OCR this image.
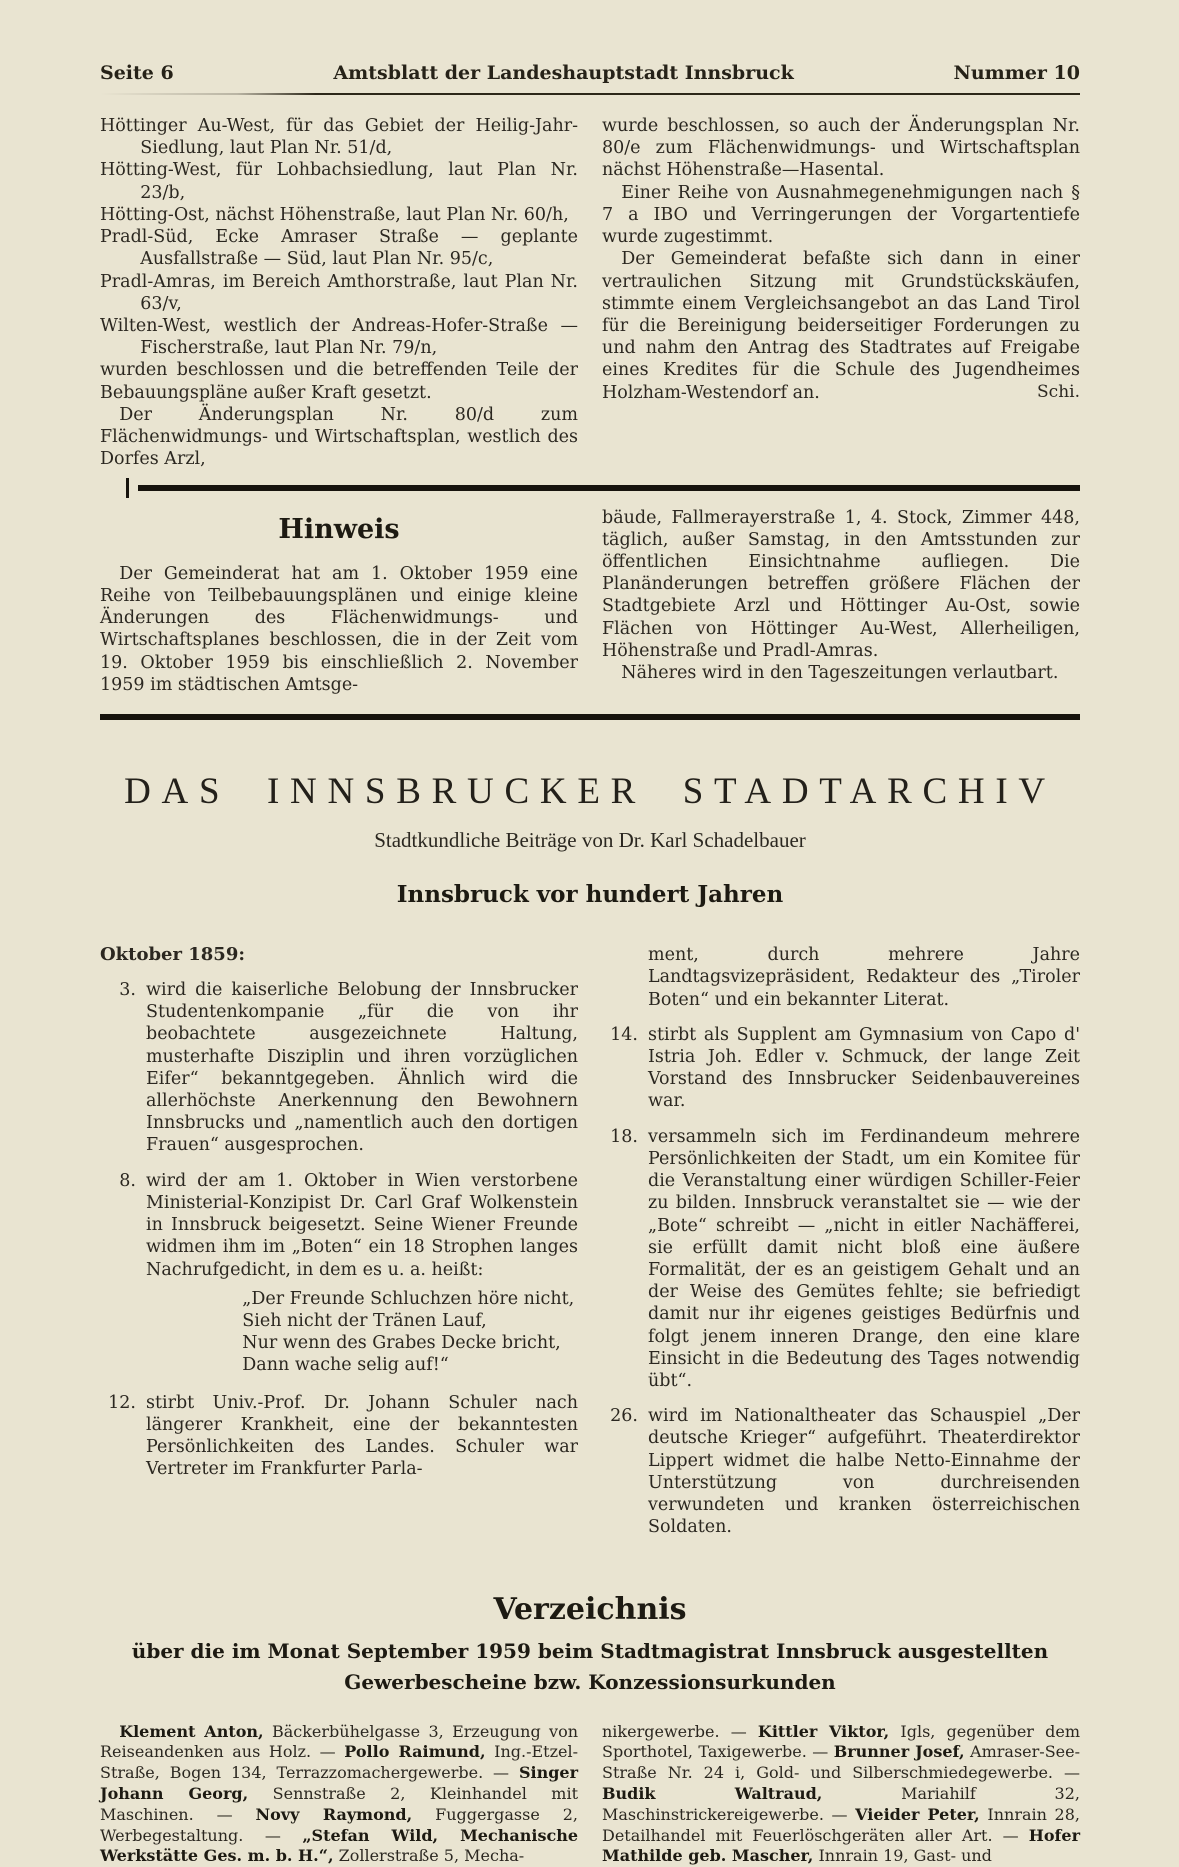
Seite 6	Amtsblatt der Landeshauptstadt Innsbruck	Nummer 10

Höttinger Au-West, für das Gebiet der Heilig-Jahr-Siedlung, laut Plan Nr. 51/d,

Hötting-West, für Lohbachsiedlung, laut Plan Nr. 23/b,

Hötting-Ost, nächst Höhenstraße, laut Plan Nr. 60/h,

Pradl-Süd, Ecke Amraser Straße — geplante Ausfallstraße — Süd, laut Plan Nr. 95/c,

Pradl-Amras, im Bereich Amthorstraße, laut Plan Nr. 63/v,

Wilten-West, westlich der Andreas-Hofer-Straße — Fischerstraße, laut Plan Nr. 79/n,

wurden beschlossen und die betreffenden Teile der Bebauungspläne außer Kraft gesetzt.

Der Änderungsplan Nr. 80/d zum Flächenwidmungs- und Wirtschaftsplan, westlich des Dorfes Arzl,

wurde beschlossen, so auch der Änderungsplan Nr. 80/e zum Flächenwidmungs- und Wirtschaftsplan nächst Höhenstraße—Hasental.

Einer Reihe von Ausnahmegenehmigungen nach § 7 a IBO und Verringerungen der Vorgartentiefe wurde zugestimmt.

Der Gemeinderat befaßte sich dann in einer vertraulichen Sitzung mit Grundstückskäufen, stimmte einem Vergleichsangebot an das Land Tirol für die Bereinigung beiderseitiger Forderungen zu und nahm den Antrag des Stadtrates auf Freigabe eines Kredites für die Schule des Jugendheimes Holzham-Westendorf an.	Schi.

Hinweis

Der Gemeinderat hat am 1. Oktober 1959 eine Reihe von Teilbebauungsplänen und einige kleine Änderungen des Flächenwidmungs- und Wirtschaftsplanes beschlossen, die in der Zeit vom 19. Oktober 1959 bis einschließlich 2. November 1959 im städtischen Amtsge-

bäude, Fallmerayerstraße 1, 4. Stock, Zimmer 448, täglich, außer Samstag, in den Amtsstunden zur öffentlichen Einsichtnahme aufliegen. Die Planänderungen betreffen größere Flächen der Stadtgebiete Arzl und Höttinger Au-Ost, sowie Flächen von Höttinger Au-West, Allerheiligen, Höhenstraße und Pradl-Amras.

Näheres wird in den Tageszeitungen verlautbart.

DAS INNSBRUCKER STADTARCHIV
Stadtkundliche Beiträge von Dr. Karl Schadelbauer
Innsbruck vor hundert Jahren

Oktober 1859:

3. wird die kaiserliche Belobung der Innsbrucker Studentenkompanie „für die von ihr beobachtete ausgezeichnete Haltung, musterhafte Disziplin und ihren vorzüglichen Eifer“ bekanntgegeben. Ähnlich wird die allerhöchste Anerkennung den Bewohnern Innsbrucks und „namentlich auch den dortigen Frauen“ ausgesprochen.
8. wird der am 1. Oktober in Wien verstorbene Ministerial-Konzipist Dr. Carl Graf Wolkenstein in Innsbruck beigesetzt. Seine Wiener Freunde widmen ihm im „Boten“ ein 18 Strophen langes Nachrufgedicht, in dem es u. a. heißt:
„Der Freunde Schluchzen höre nicht,
Sieh nicht der Tränen Lauf,
Nur wenn des Grabes Decke bricht,
Dann wache selig auf!“
12. stirbt Univ.-Prof. Dr. Johann Schuler nach längerer Krankheit, eine der bekanntesten Persönlichkeiten des Landes. Schuler war Vertreter im Frankfurter Parla-

ment, durch mehrere Jahre Landtagsvizepräsident, Redakteur des „Tiroler Boten“ und ein bekannter Literat.

14. stirbt als Supplent am Gymnasium von Capo d' Istria Joh. Edler v. Schmuck, der lange Zeit Vorstand des Innsbrucker Seidenbauvereines war.
18. versammeln sich im Ferdinandeum mehrere Persönlichkeiten der Stadt, um ein Komitee für die Veranstaltung einer würdigen Schiller-Feier zu bilden. Innsbruck veranstaltet sie — wie der „Bote“ schreibt — „nicht in eitler Nachäfferei, sie erfüllt damit nicht bloß eine äußere Formalität, der es an geistigem Gehalt und an der Weise des Gemütes fehlte; sie befriedigt damit nur ihr eigenes geistiges Bedürfnis und folgt jenem inneren Drange, den eine klare Einsicht in die Bedeutung des Tages notwendig übt“.
26. wird im Nationaltheater das Schauspiel „Der deutsche Krieger“ aufgeführt. Theaterdirektor Lippert widmet die halbe Netto-Einnahme der Unterstützung von durchreisenden verwundeten und kranken österreichischen Soldaten.
Verzeichnis
über die im Monat September 1959 beim Stadtmagistrat Innsbruck ausgestellten
Gewerbescheine bzw. Konzessionsurkunden
Klement Anton, Bäckerbühelgasse 3, Erzeugung von Reiseandenken aus Holz. — Pollo Raimund, Ing.-Etzel-Straße, Bogen 134, Terrazzomachergewerbe. — Singer Johann Georg, Sennstraße 2, Kleinhandel mit Maschinen. — Novy Raymond, Fuggergasse 2, Werbegestaltung. — „Stefan Wild, Mechanische Werkstätte Ges. m. b. H.“, Zollerstraße 5, Mecha-
nikergewerbe. — Kittler Viktor, Igls, gegenüber dem Sporthotel, Taxigewerbe. — Brunner Josef, Amraser-See-Straße Nr. 24 i, Gold- und Silberschmiedegewerbe. — Budik Waltraud, Mariahilf 32, Maschinstrickereigewerbe. — Vieider Peter, Innrain 28, Detailhandel mit Feuerlöschgeräten aller Art. — Hofer Mathilde geb. Mascher, Innrain 19, Gast- und
